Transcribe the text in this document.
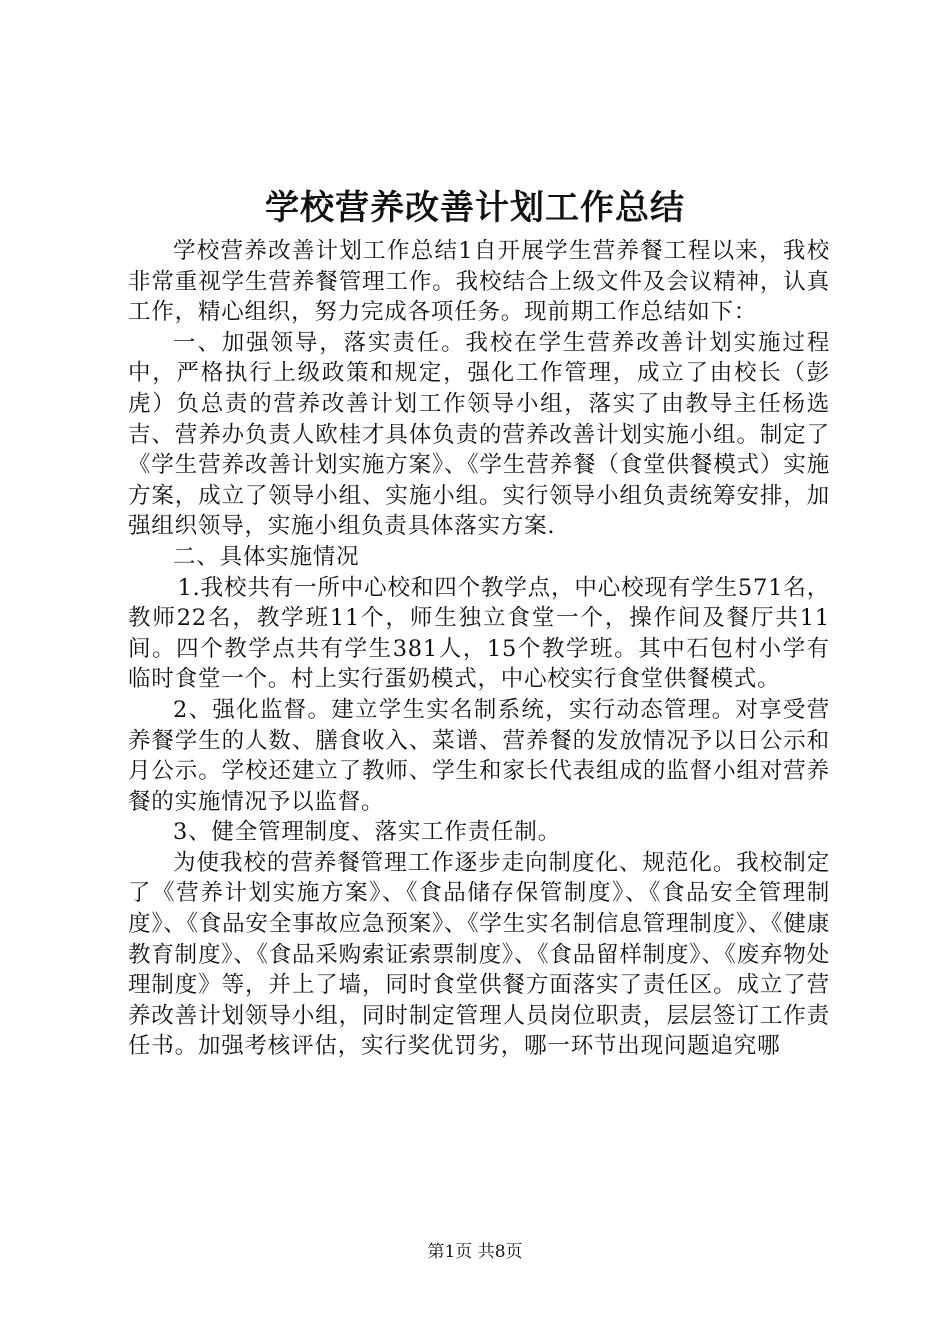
学校营养改善计划工作总结

学校营养改善计划工作总结1自开展学生营养餐工程以来，我校非常重视学生营养餐管理工作。我校结合上级文件及会议精神，认真工作，精心组织，努力完成各项任务。现前期工作总结如下：

一、加强领导，落实责任。我校在学生营养改善计划实施过程中，严格执行上级政策和规定，强化工作管理，成立了由校长（彭虎）负总责的营养改善计划工作领导小组，落实了由教导主任杨选吉、营养办负责人欧桂才具体负责的营养改善计划实施小组。制定了《学生营养改善计划实施方案》、《学生营养餐（食堂供餐模式）实施方案，成立了领导小组、实施小组。实行领导小组负责统筹安排，加强组织领导，实施小组负责具体落实方案.

二、具体实施情况

1.我校共有一所中心校和四个教学点，中心校现有学生571名，教师22名，教学班11个，师生独立食堂一个，操作间及餐厅共11间。四个教学点共有学生381人，15个教学班。其中石包村小学有临时食堂一个。村上实行蛋奶模式，中心校实行食堂供餐模式。

2、强化监督。建立学生实名制系统，实行动态管理。对享受营养餐学生的人数、膳食收入、菜谱、营养餐的发放情况予以日公示和月公示。学校还建立了教师、学生和家长代表组成的监督小组对营养餐的实施情况予以监督。

3、健全管理制度、落实工作责任制。

为使我校的营养餐管理工作逐步走向制度化、规范化。我校制定了《营养计划实施方案》、《食品储存保管制度》、《食品安全管理制度》、《食品安全事故应急预案》、《学生实名制信息管理制度》、《健康教育制度》、《食品采购索证索票制度》、《食品留样制度》、《废弃物处理制度》等，并上了墙，同时食堂供餐方面落实了责任区。成立了营养改善计划领导小组，同时制定管理人员岗位职责，层层签订工作责任书。加强考核评估，实行奖优罚劣，哪一环节出现问题追究哪

第1页 共8页
